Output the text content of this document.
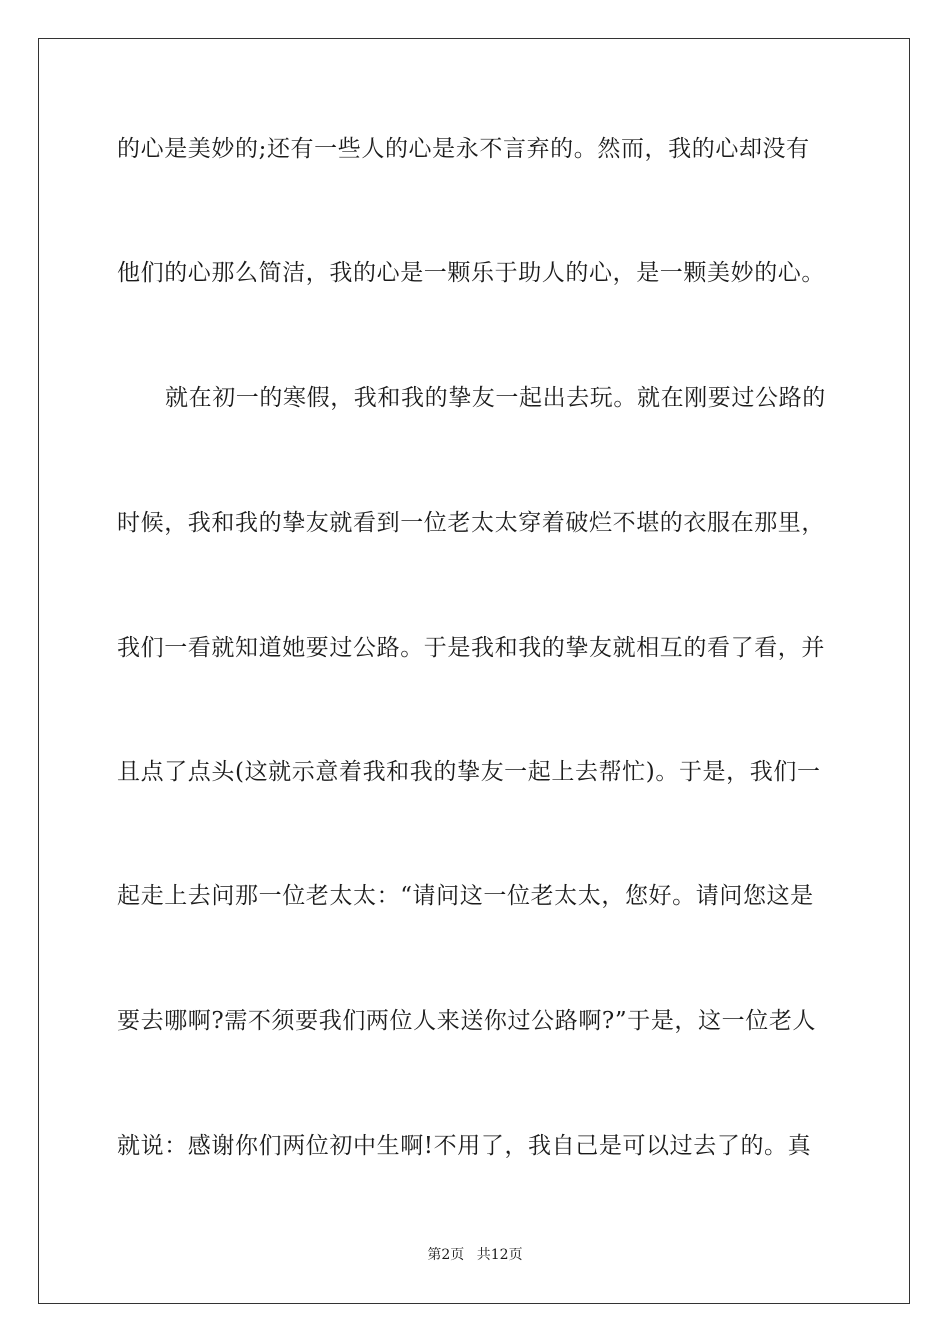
的心是美妙的;还有一些人的心是永不言弃的。然而，我的心却没有
他们的心那么简洁，我的心是一颗乐于助人的心，是一颗美妙的心。
就在初一的寒假，我和我的挚友一起出去玩。就在刚要过公路的
时候，我和我的挚友就看到一位老太太穿着破烂不堪的衣服在那里，
我们一看就知道她要过公路。于是我和我的挚友就相互的看了看，并
且点了点头(这就示意着我和我的挚友一起上去帮忙)。于是，我们一
起走上去问那一位老太太：“请问这一位老太太，您好。请问您这是
要去哪啊?需不须要我们两位人来送你过公路啊?”于是，这一位老人
就说：感谢你们两位初中生啊!不用了，我自己是可以过去了的。真
第2页 共12页
